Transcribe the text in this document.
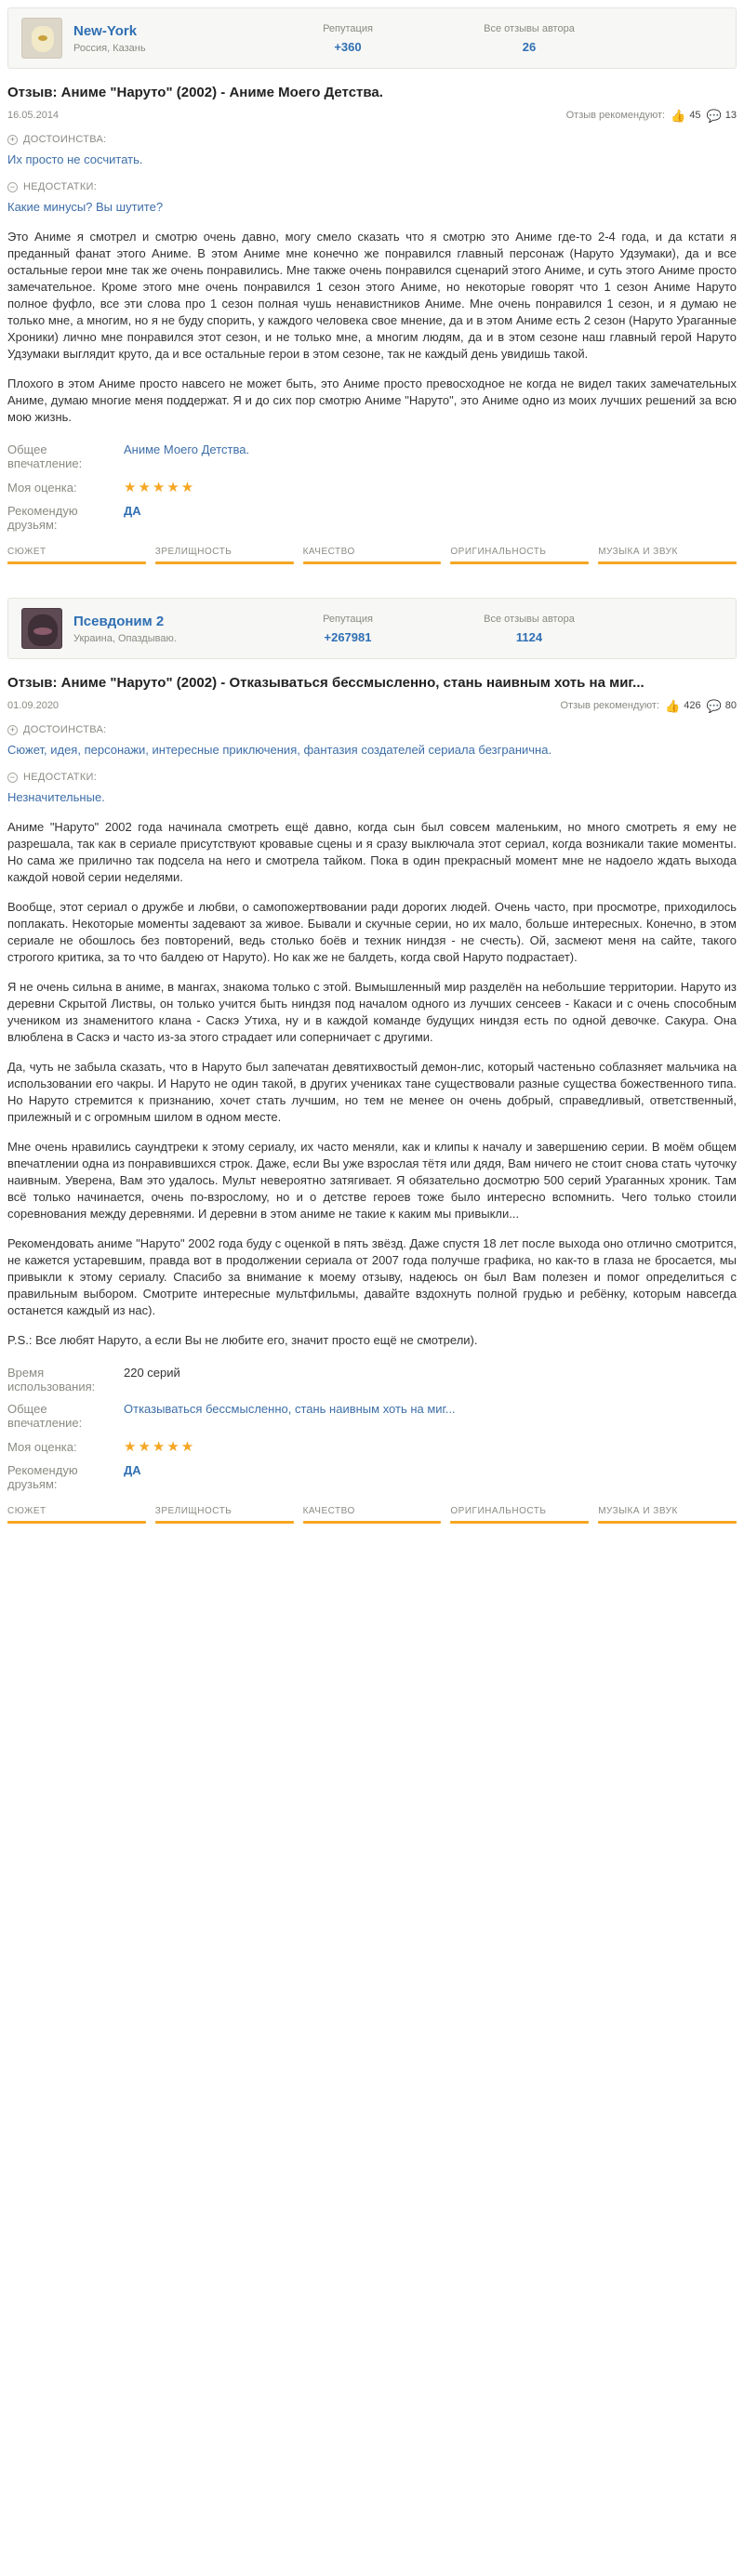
New-York
Россия, Казань
Репутация
+360
Все отзывы автора
26
Отзыв: Аниме "Наруто" (2002) - Аниме Моего Детства.
16.05.2014	Отзыв рекомендуют: 👍 45 💬 13
+ ДОСТОИНСТВА:
Их просто не сосчитать.
− НЕДОСТАТКИ:
Какие минусы? Вы шутите?

Это Аниме я смотрел и смотрю очень давно, могу смело сказать что я смотрю это Аниме где-то 2-4 года, и да кстати я преданный фанат этого Аниме. В этом Аниме мне конечно же понравился главный персонаж (Наруто Удзумаки), да и все остальные герои мне так же очень понравились. Мне также очень понравился сценарий этого Аниме, и суть этого Аниме просто замечательное. Кроме этого мне очень понравился 1 сезон этого Аниме, но некоторые говорят что 1 сезон Аниме Наруто полное фуфло, все эти слова про 1 сезон полная чушь ненавистников Аниме. Мне очень понравился 1 сезон, и я думаю не только мне, а многим, но я не буду спорить, у каждого человека свое мнение, да и в этом Аниме есть 2 сезон (Наруто Ураганные Хроники) лично мне понравился этот сезон, и не только мне, а многим людям, да и в этом сезоне наш главный герой Наруто Удзумаки выглядит круто, да и все остальные герои в этом сезоне, так не каждый день увидишь такой.

Плохого в этом Аниме просто навсего не может быть, это Аниме просто превосходное не когда не видел таких замечательных Аниме, думаю многие меня поддержат. Я и до сих пор смотрю Аниме "Наруто", это Аниме одно из моих лучших решений за всю мою жизнь.

Общее впечатление:
Аниме Моего Детства.
Моя оценка:	★★★★★
Рекомендую друзьям:
ДА
СЮЖЕТ	ЗРЕЛИЩНОСТЬ	КАЧЕСТВО	ОРИГИНАЛЬНОСТЬ	МУЗЫКА И ЗВУК
Псевдоним 2
Украина, Опаздываю.
Репутация
+267981
Все отзывы автора
1124
Отзыв: Аниме "Наруто" (2002) - Отказываться бессмысленно, стань наивным хоть на миг...
01.09.2020	Отзыв рекомендуют: 👍 426 💬 80
+ ДОСТОИНСТВА:
Сюжет, идея, персонажи, интересные приключения, фантазия создателей сериала безгранична.
− НЕДОСТАТКИ:
Незначительные.

Аниме "Наруто" 2002 года начинала смотреть ещё давно, когда сын был совсем маленьким, но много смотреть я ему не разрешала, так как в сериале присутствуют кровавые сцены и я сразу выключала этот сериал, когда возникали такие моменты. Но сама же прилично так подсела на него и смотрела тайком. Пока в один прекрасный момент мне не надоело ждать выхода каждой новой серии неделями.

Вообще, этот сериал о дружбе и любви, о самопожертвовании ради дорогих людей. Очень часто, при просмотре, приходилось поплакать. Некоторые моменты задевают за живое. Бывали и скучные серии, но их мало, больше интересных. Конечно, в этом сериале не обошлось без повторений, ведь столько боёв и техник ниндзя - не счесть). Ой, засмеют меня на сайте, такого строгого критика, за то что балдею от Наруто). Но как же не балдеть, когда свой Наруто подрастает).

Я не очень сильна в аниме, в мангах, знакома только с этой. Вымышленный мир разделён на небольшие территории. Наруто из деревни Скрытой Листвы, он только учится быть ниндзя под началом одного из лучших сенсеев - Какаси и с очень способным учеником из знаменитого клана - Саскэ Утиха, ну и в каждой команде будущих ниндзя есть по одной девочке. Сакура. Она влюблена в Саскэ и часто из-за этого страдает или соперничает с другими.

Да, чуть не забыла сказать, что в Наруто был запечатан девятихвостый демон-лис, который частеньно соблазняет мальчика на использовании его чакры. И Наруто не один такой, в других учениках тане существовали разные существа божественного типа. Но Наруто стремится к признанию, хочет стать лучшим, но тем не менее он очень добрый, справедливый, ответственный, прилежный и с огромным шилом в одном месте.

Мне очень нравились саундтреки к этому сериалу, их часто меняли, как и клипы к началу и завершению серии. В моём общем впечатлении одна из понравившихся строк. Даже, если Вы уже взрослая тётя или дядя, Вам ничего не стоит снова стать чуточку наивным. Уверена, Вам это удалось. Мульт невероятно затягивает. Я обязательно досмотрю 500 серий Ураганных хроник. Там всё только начинается, очень по-взрослому, но и о детстве героев тоже было интересно вспомнить. Чего только стоили соревнования между деревнями. И деревни в этом аниме не такие к каким мы привыкли...

Рекомендовать аниме "Наруто" 2002 года буду с оценкой в пять звёзд. Даже спустя 18 лет после выхода оно отлично смотрится, не кажется устаревшим, правда вот в продолжении сериала от 2007 года получше графика, но как-то в глаза не бросается, мы привыкли к этому сериалу. Спасибо за внимание к моему отзыву, надеюсь он был Вам полезен и помог определиться с правильным выбором. Смотрите интересные мультфильмы, давайте вздохнуть полной грудью и ребёнку, которым навсегда останется каждый из нас).

P.S.: Все любят Наруто, а если Вы не любите его, значит просто ещё не смотрели).

Время использования:
220 серий
Общее впечатление:
Отказываться бессмысленно, стань наивным хоть на миг...
Моя оценка:	★★★★★
Рекомендую друзьям:
ДА
СЮЖЕТ	ЗРЕЛИЩНОСТЬ	КАЧЕСТВО	ОРИГИНАЛЬНОСТЬ	МУЗЫКА И ЗВУК
